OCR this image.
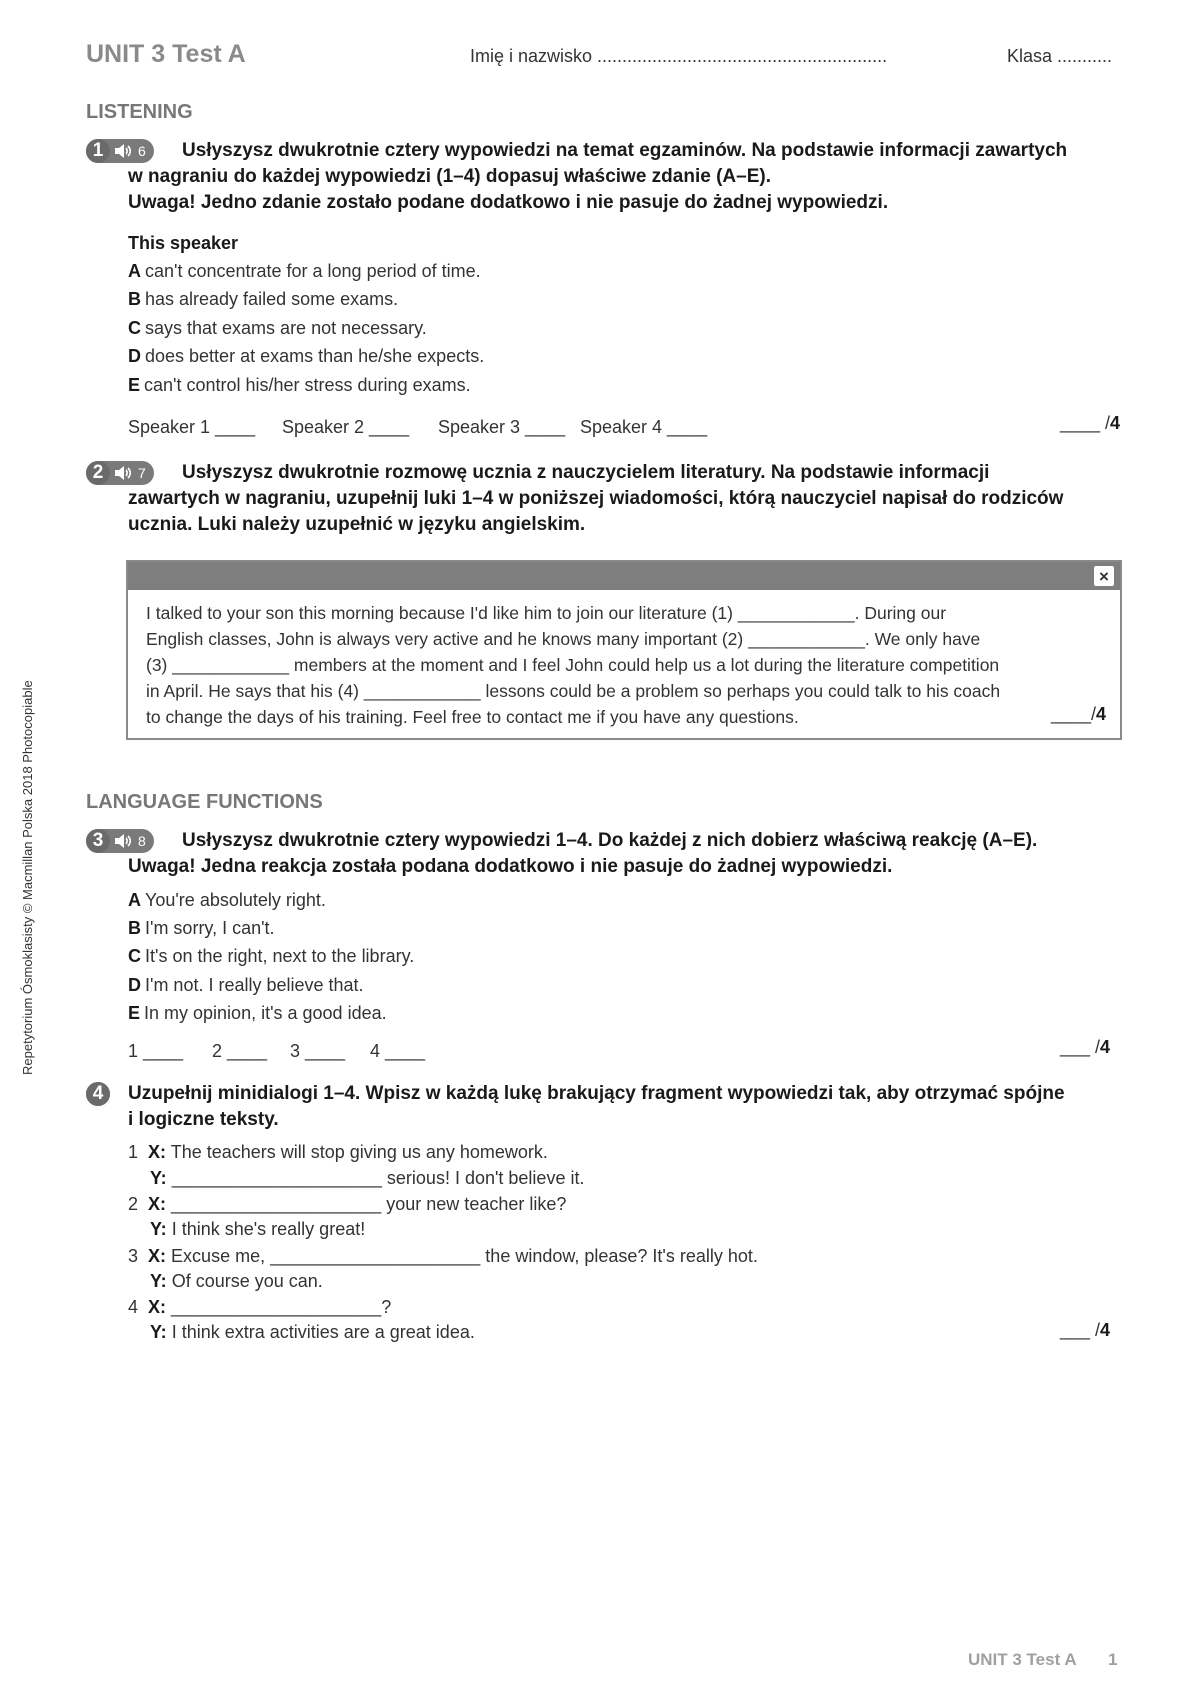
UNIT 3 Test A	Imię i nazwisko ..........................................................	Klasa ...........
Repetytorium Ósmoklasisty © Macmillan Polska 2018 Photocopiable
LISTENING
1	6	Usłyszysz dwukrotnie cztery wypowiedzi na temat egzaminów. Na podstawie informacji zawartych
w nagraniu do każdej wypowiedzi (1–4) dopasuj właściwe zdanie (A–E).
Uwaga! Jedno zdanie zostało podane dodatkowo i nie pasuje do żadnej wypowiedzi.
This speaker
A can't concentrate for a long period of time.
B has already failed some exams.
C says that exams are not necessary.
D does better at exams than he/she expects.
E can't control his/her stress during exams.
Speaker 1 ____ Speaker 2 ____ Speaker 3 ____ Speaker 4 ____	____ /4
2	7	Usłyszysz dwukrotnie rozmowę ucznia z nauczycielem literatury. Na podstawie informacji
zawartych w nagraniu, uzupełnij luki 1–4 w poniższej wiadomości, którą nauczyciel napisał do rodziców
ucznia. Luki należy uzupełnić w języku angielskim.
×
I talked to your son this morning because I'd like him to join our literature (1) ____________. During our
English classes, John is always very active and he knows many important (2) ____________. We only have
(3) ____________ members at the moment and I feel John could help us a lot during the literature competition
in April. He says that his (4) ____________ lessons could be a problem so perhaps you could talk to his coach
to change the days of his training. Feel free to contact me if you have any questions.	____/4
LANGUAGE FUNCTIONS
3	8	Usłyszysz dwukrotnie cztery wypowiedzi 1–4. Do każdej z nich dobierz właściwą reakcję (A–E).
Uwaga! Jedna reakcja została podana dodatkowo i nie pasuje do żadnej wypowiedzi.
A You're absolutely right.
B I'm sorry, I can't.
C It's on the right, next to the library.
D I'm not. I really believe that.
E In my opinion, it's a good idea.
1 ____ 2 ____ 3 ____ 4 ____	___ /4
4	Uzupełnij minidialogi 1–4. Wpisz w każdą lukę brakujący fragment wypowiedzi tak, aby otrzymać spójne
i logiczne teksty.
1 X: The teachers will stop giving us any homework.
Y: _____________________ serious! I don't believe it.
2 X: _____________________ your new teacher like?
Y: I think she's really great!
3 X: Excuse me, _____________________ the window, please? It's really hot.
Y: Of course you can.
4 X: _____________________?
Y: I think extra activities are a great idea.	___ /4
UNIT 3 Test A 1
